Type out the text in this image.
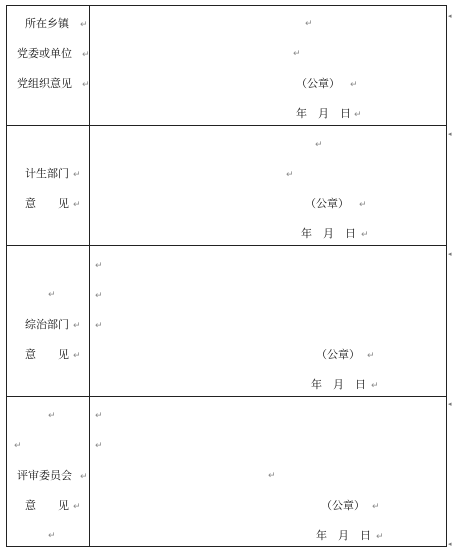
◂
◂
◂
◂
◂
所在乡镇 ↵
党委或单位 ↵
党组织意见 ↵
↵
↵
（公章） ↵
年　月　日 ↵
计生部门 ↵
意　　见 ↵
↵
↵
（公章） ↵
年　月　日 ↵
↵
综治部门 ↵
意　　见 ↵
↵
↵
↵
（公章） ↵
年　月　日 ↵
↵
↵
评审委员会 ↵
意　　见 ↵
↵
↵
↵
↵
（公章） ↵
年　月　日 ↵
